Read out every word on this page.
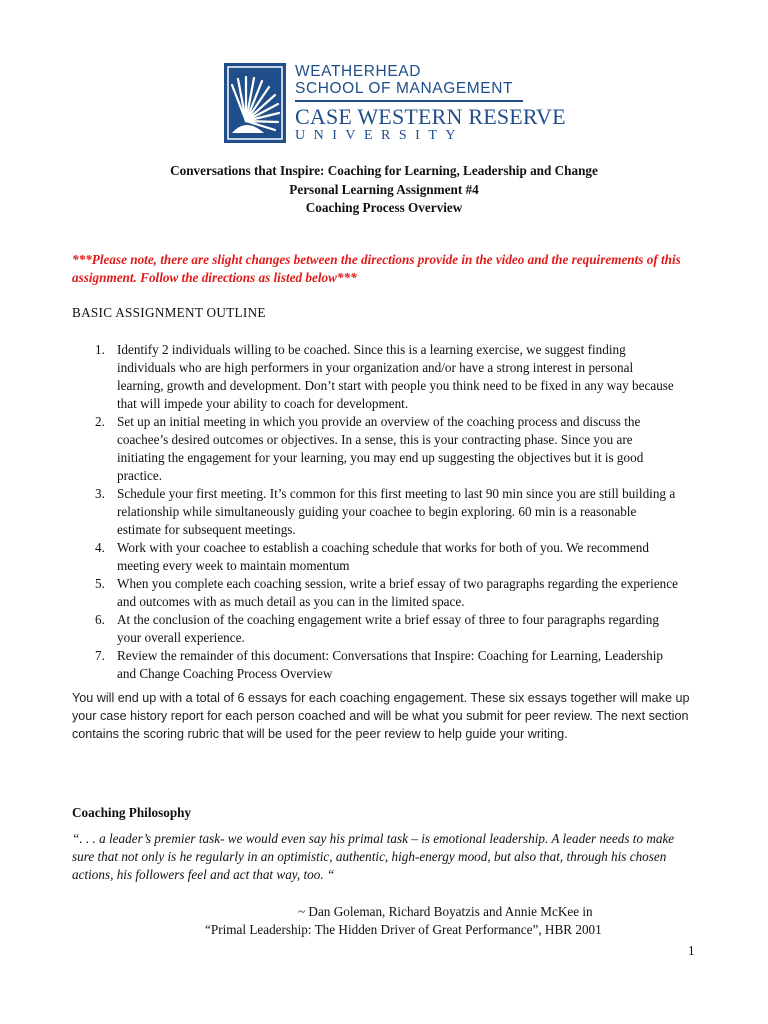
WEATHERHEAD
SCHOOL OF MANAGEMENT
CASE WESTERN RESERVE
UNIVERSITY
Conversations that Inspire: Coaching for Learning, Leadership and Change
Personal Learning Assignment #4
Coaching Process Overview
***Please note, there are slight changes between the directions provide in the video and the requirements of this assignment. Follow the directions as listed below***
BASIC ASSIGNMENT OUTLINE
1. Identify 2 individuals willing to be coached. Since this is a learning exercise, we suggest finding individuals who are high performers in your organization and/or have a strong interest in personal learning, growth and development. Don’t start with people you think need to be fixed in any way because that will impede your ability to coach for development.
2. Set up an initial meeting in which you provide an overview of the coaching process and discuss the coachee’s desired outcomes or objectives. In a sense, this is your contracting phase. Since you are initiating the engagement for your learning, you may end up suggesting the objectives but it is good practice.
3. Schedule your first meeting. It’s common for this first meeting to last 90 min since you are still building a relationship while simultaneously guiding your coachee to begin exploring. 60 min is a reasonable estimate for subsequent meetings.
4. Work with your coachee to establish a coaching schedule that works for both of you. We recommend meeting every week to maintain momentum
5. When you complete each coaching session, write a brief essay of two paragraphs regarding the experience and outcomes with as much detail as you can in the limited space.
6. At the conclusion of the coaching engagement write a brief essay of three to four paragraphs regarding your overall experience.
7. Review the remainder of this document: Conversations that Inspire: Coaching for Learning, Leadership and Change Coaching Process Overview
You will end up with a total of 6 essays for each coaching engagement. These six essays together will make up your case history report for each person coached and will be what you submit for peer review. The next section contains the scoring rubric that will be used for the peer review to help guide your writing.
Coaching Philosophy
“. . . a leader’s premier task- we would even say his primal task – is emotional leadership. A leader needs to make sure that not only is he regularly in an optimistic, authentic, high-energy mood, but also that, through his chosen actions, his followers feel and act that way, too. “
~ Dan Goleman, Richard Boyatzis and Annie McKee in
“Primal Leadership: The Hidden Driver of Great Performance”, HBR 2001
1
